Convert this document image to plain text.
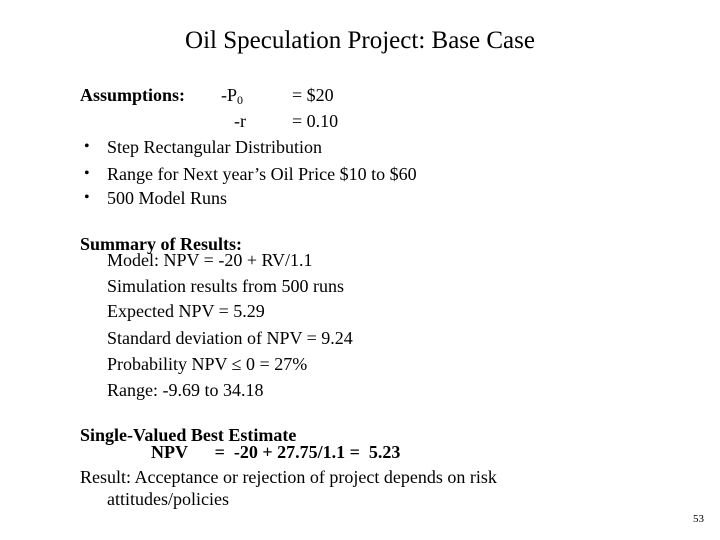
Oil Speculation Project: Base Case
Assumptions: $-P_0$	= $20
-r	= 0.10
• Step Rectangular Distribution
• Range for Next year’s Oil Price $10 to $60
• 500 Model Runs
Summary of Results:
Model: NPV = -20 + RV/1.1
Simulation results from 500 runs
Expected NPV = 5.29
Standard deviation of NPV = 9.24
Probability NPV ≤ 0 = 27%
Range: -9.69 to 34.18
Single-Valued Best Estimate
NPV      =  -20 + 27.75/1.1 =  5.23
Result: Acceptance or rejection of project depends on risk
attitudes/policies
53
